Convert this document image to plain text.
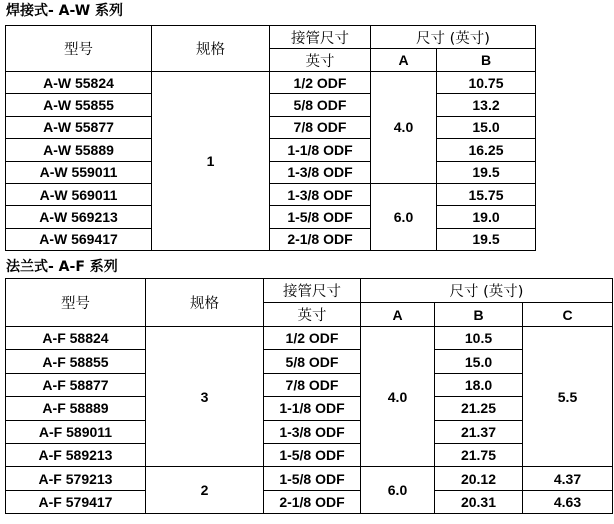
焊接式- A-W 系列
型号	规格	接管尺寸	尺寸 (英寸)	
		英寸	A	B
A-W 55824	1	1/2 ODF	4.0	10.75
A-W 55855		5/8 ODF		13.2
A-W 55877		7/8 ODF		15.0
A-W 55889		1-1/8 ODF		16.25
A-W 559011		1-3/8 ODF		19.5
A-W 569011		1-3/8 ODF	6.0	15.75
A-W 569213		1-5/8 ODF		19.0
A-W 569417		2-1/8 ODF		19.5
法兰式- A-F 系列
型号	规格	接管尺寸	尺寸 (英寸)		
		英寸	A	B	C
A-F 58824	3	1/2 ODF	4.0	10.5	5.5
A-F 58855		5/8 ODF		15.0	
A-F 58877		7/8 ODF		18.0	
A-F 58889		1-1/8 ODF		21.25	
A-F 589011		1-3/8 ODF		21.37	
A-F 589213		1-5/8 ODF		21.75	
A-F 579213	2	1-5/8 ODF	6.0	20.12	4.37
A-F 579417		2-1/8 ODF		20.31	4.63
